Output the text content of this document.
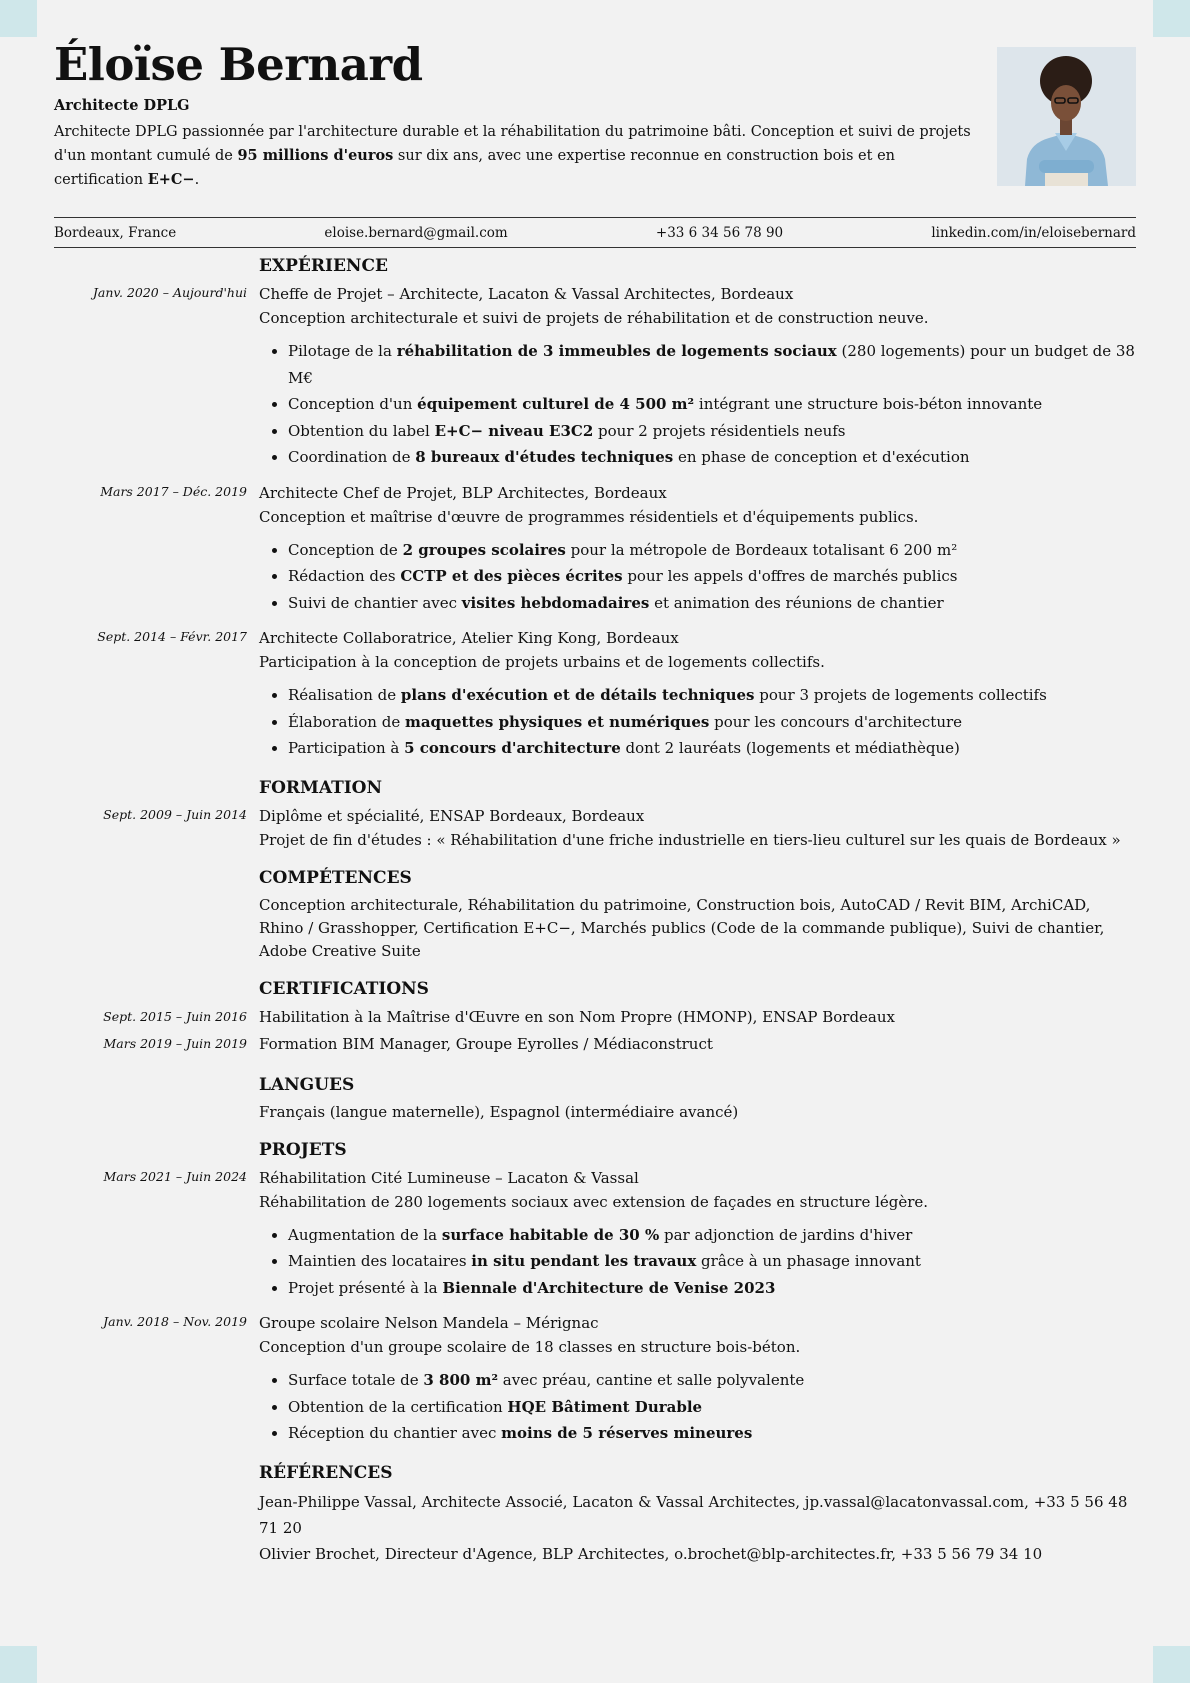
Éloïse Bernard
Architecte DPLG
Architecte DPLG passionnée par l'architecture durable et la réhabilitation du patrimoine bâti. Conception et suivi de projets d'un montant cumulé de 95 millions d'euros sur dix ans, avec une expertise reconnue en construction bois et en certification E+C−.
Bordeaux, France	eloise.bernard@gmail.com	+33 6 34 56 78 90	linkedin.com/in/eloisebernard
EXPÉRIENCE
Janv. 2020 – Aujourd'hui Cheffe de Projet – Architecte, Lacaton & Vassal Architectes, Bordeaux
Conception architecturale et suivi de projets de réhabilitation et de construction neuve.
• Pilotage de la réhabilitation de 3 immeubles de logements sociaux (280 logements) pour un budget de 38 M€
• Conception d'un équipement culturel de 4 500 m² intégrant une structure bois-béton innovante
• Obtention du label E+C− niveau E3C2 pour 2 projets résidentiels neufs
• Coordination de 8 bureaux d'études techniques en phase de conception et d'exécution
Mars 2017 – Déc. 2019 Architecte Chef de Projet, BLP Architectes, Bordeaux
Conception et maîtrise d'œuvre de programmes résidentiels et d'équipements publics.
• Conception de 2 groupes scolaires pour la métropole de Bordeaux totalisant 6 200 m²
• Rédaction des CCTP et des pièces écrites pour les appels d'offres de marchés publics
• Suivi de chantier avec visites hebdomadaires et animation des réunions de chantier
Sept. 2014 – Févr. 2017 Architecte Collaboratrice, Atelier King Kong, Bordeaux
Participation à la conception de projets urbains et de logements collectifs.
• Réalisation de plans d'exécution et de détails techniques pour 3 projets de logements collectifs
• Élaboration de maquettes physiques et numériques pour les concours d'architecture
• Participation à 5 concours d'architecture dont 2 lauréats (logements et médiathèque)
FORMATION
Sept. 2009 – Juin 2014 Diplôme et spécialité, ENSAP Bordeaux, Bordeaux
Projet de fin d'études : « Réhabilitation d'une friche industrielle en tiers-lieu culturel sur les quais de Bordeaux »
COMPÉTENCES
Conception architecturale, Réhabilitation du patrimoine, Construction bois, AutoCAD / Revit BIM, ArchiCAD, Rhino / Grasshopper, Certification E+C−, Marchés publics (Code de la commande publique), Suivi de chantier, Adobe Creative Suite
CERTIFICATIONS
Sept. 2015 – Juin 2016 Habilitation à la Maîtrise d'Œuvre en son Nom Propre (HMONP), ENSAP Bordeaux
Mars 2019 – Juin 2019 Formation BIM Manager, Groupe Eyrolles / Médiaconstruct
LANGUES
Français (langue maternelle), Espagnol (intermédiaire avancé)
PROJETS
Mars 2021 – Juin 2024 Réhabilitation Cité Lumineuse – Lacaton & Vassal
Réhabilitation de 280 logements sociaux avec extension de façades en structure légère.
• Augmentation de la surface habitable de 30 % par adjonction de jardins d'hiver
• Maintien des locataires in situ pendant les travaux grâce à un phasage innovant
• Projet présenté à la Biennale d'Architecture de Venise 2023
Janv. 2018 – Nov. 2019 Groupe scolaire Nelson Mandela – Mérignac
Conception d'un groupe scolaire de 18 classes en structure bois-béton.
• Surface totale de 3 800 m² avec préau, cantine et salle polyvalente
• Obtention de la certification HQE Bâtiment Durable
• Réception du chantier avec moins de 5 réserves mineures
RÉFÉRENCES
Jean-Philippe Vassal, Architecte Associé, Lacaton & Vassal Architectes, jp.vassal@lacatonvassal.com, +33 5 56 48 71 20
Olivier Brochet, Directeur d'Agence, BLP Architectes, o.brochet@blp-architectes.fr, +33 5 56 79 34 10
